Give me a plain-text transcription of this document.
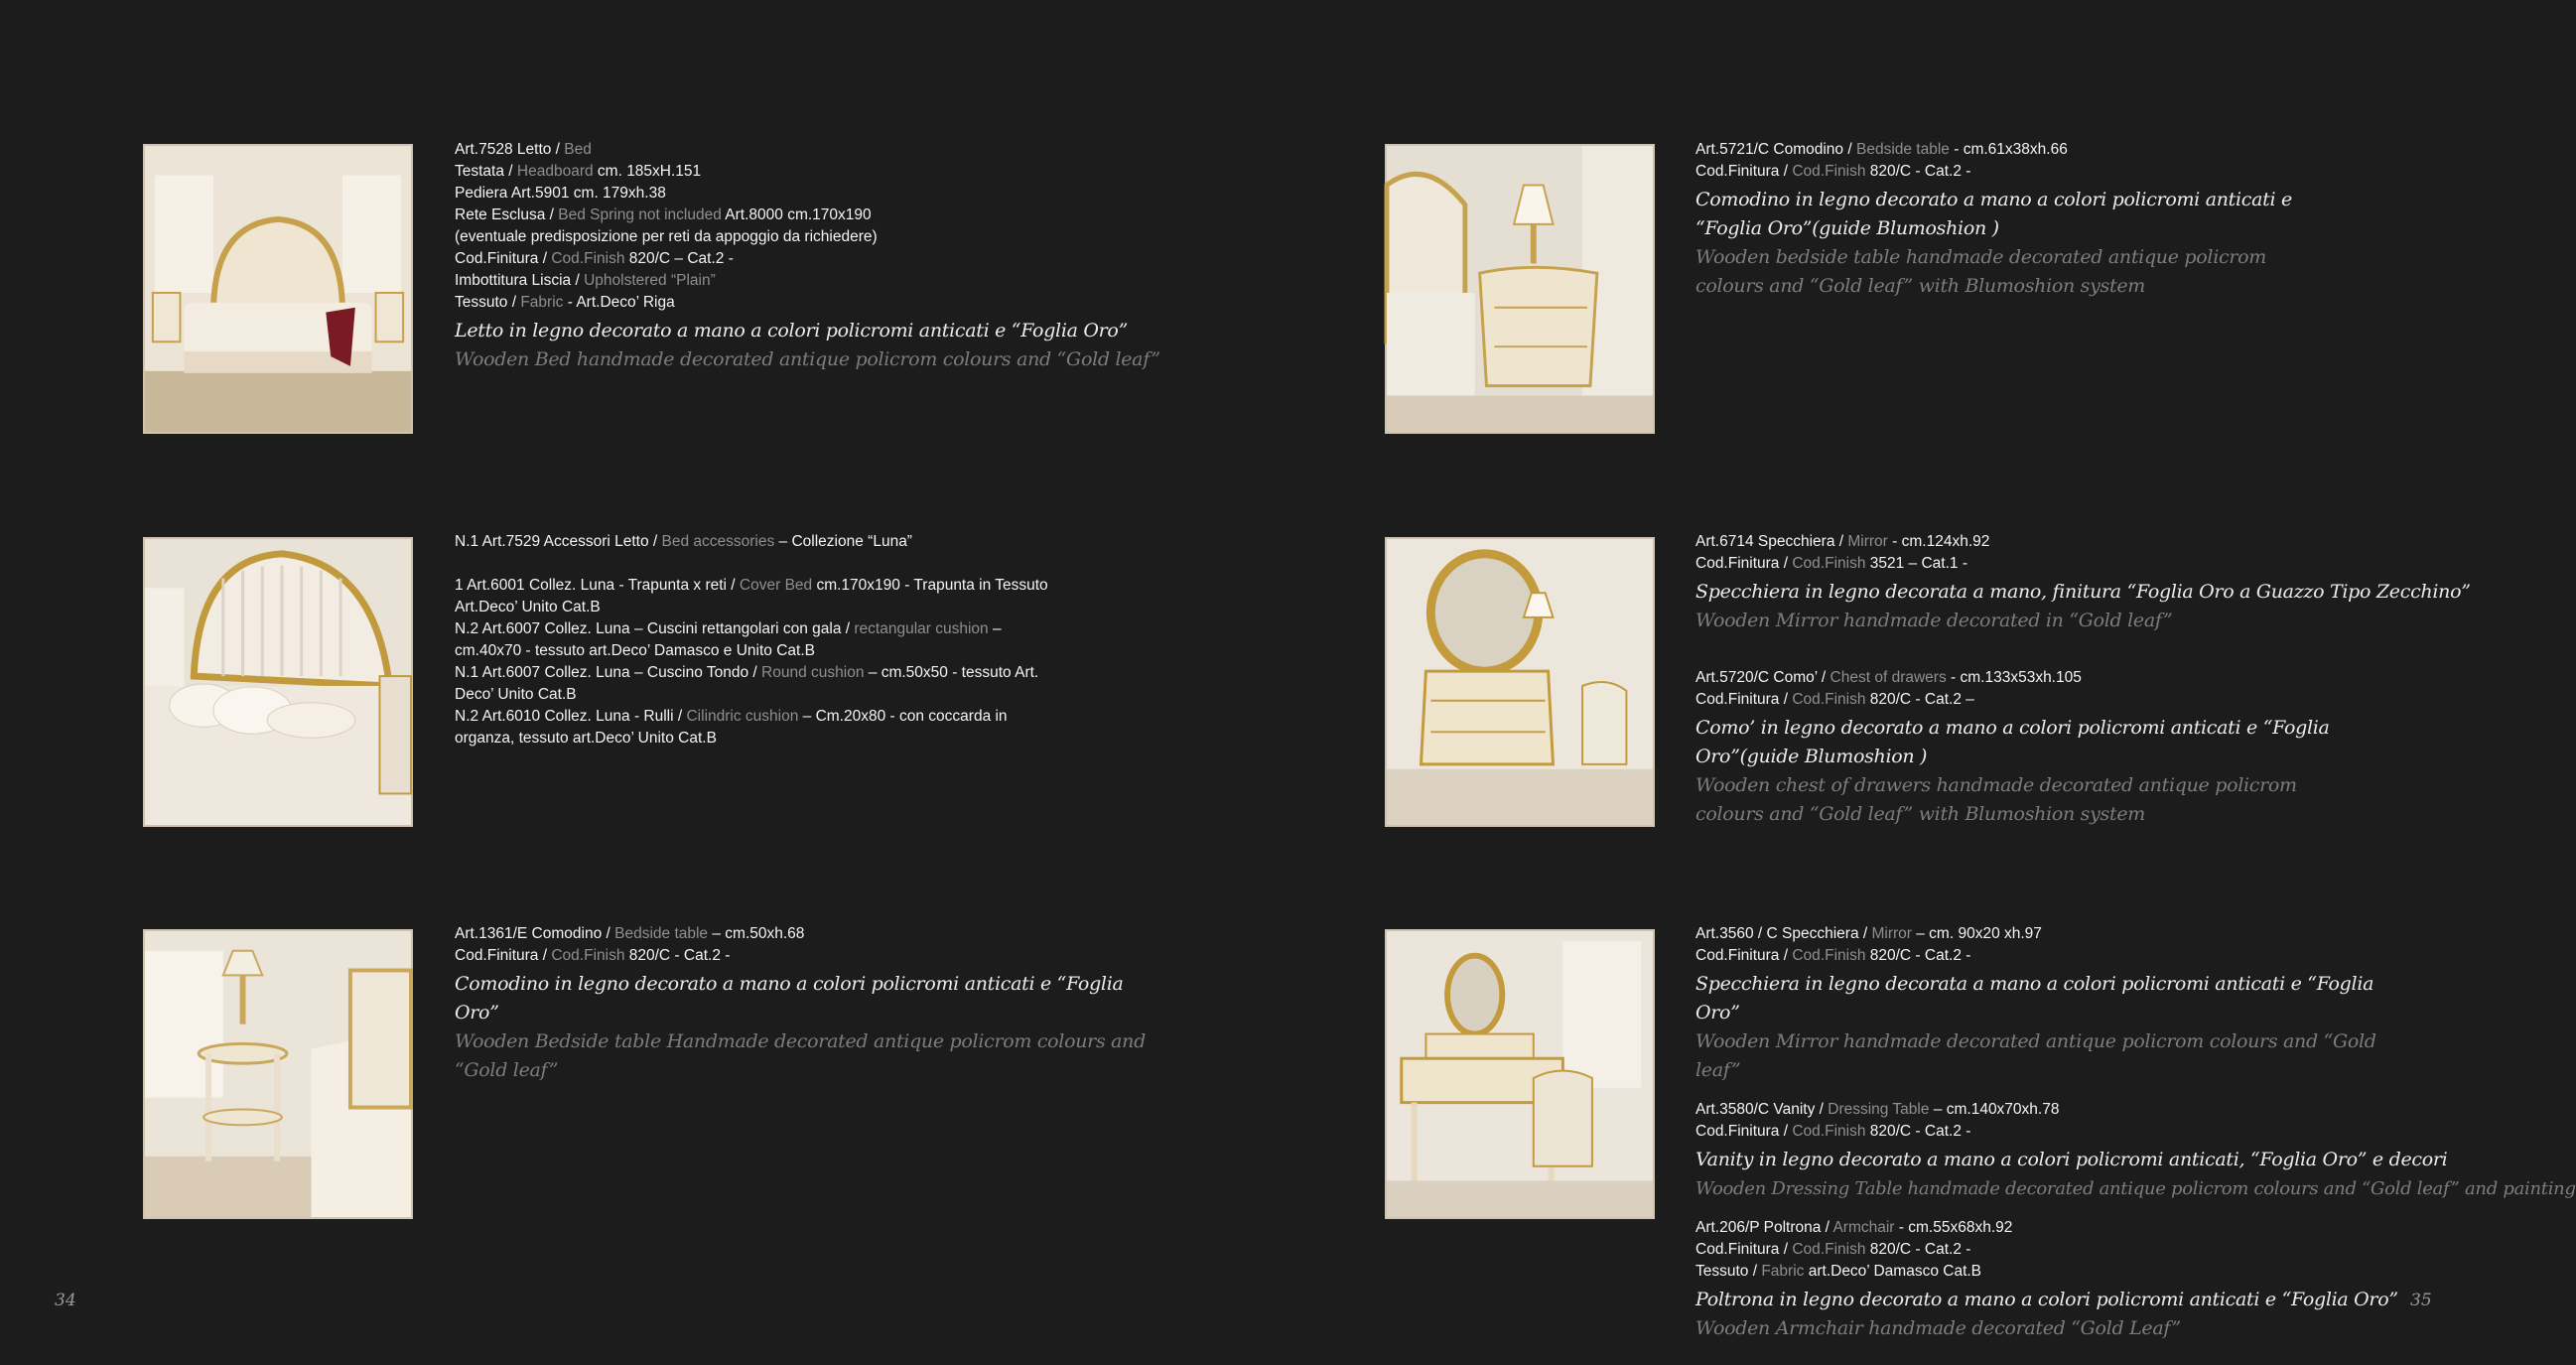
Art.7528 Letto / Bed
Testata / Headboard cm. 185xH.151
Pediera Art.5901 cm. 179xh.38
Rete Esclusa / Bed Spring not included Art.8000 cm.170x190
(eventuale predisposizione per reti da appoggio da richiedere)
Cod.Finitura / Cod.Finish 820/C – Cat.2 -
Imbottitura Liscia / Upholstered “Plain”
Tessuto / Fabric - Art.Deco’ Riga
Letto in legno decorato a mano a colori policromi anticati e “Foglia Oro”
Wooden Bed handmade decorated antique policrom colours and “Gold leaf”
N.1 Art.7529 Accessori Letto / Bed accessories – Collezione “Luna”
1 Art.6001 Collez. Luna - Trapunta x reti / Cover Bed cm.170x190 - Trapunta in Tessuto
Art.Deco’ Unito Cat.B
N.2 Art.6007 Collez. Luna – Cuscini rettangolari con gala / rectangular cushion –
cm.40x70 - tessuto art.Deco’ Damasco e Unito Cat.B
N.1 Art.6007 Collez. Luna – Cuscino Tondo / Round cushion – cm.50x50 - tessuto Art.
Deco’ Unito Cat.B
N.2 Art.6010 Collez. Luna - Rulli / Cilindric cushion – Cm.20x80 - con coccarda in
organza, tessuto art.Deco’ Unito Cat.B
Art.1361/E Comodino / Bedside table – cm.50xh.68
Cod.Finitura / Cod.Finish 820/C - Cat.2 -
Comodino in legno decorato a mano a colori policromi anticati e “Foglia Oro”
Wooden Bedside table Handmade decorated antique policrom colours and “Gold leaf”
Art.5721/C Comodino / Bedside table - cm.61x38xh.66
Cod.Finitura / Cod.Finish 820/C - Cat.2 -
Comodino in legno decorato a mano a colori policromi anticati e “Foglia Oro”(guide Blumoshion )
Wooden bedside table handmade decorated antique policrom colours and “Gold leaf” with Blumoshion system
Art.6714 Specchiera / Mirror - cm.124xh.92
Cod.Finitura / Cod.Finish 3521 – Cat.1 -
Specchiera in legno decorata a mano, finitura “Foglia Oro a Guazzo Tipo Zecchino”
Wooden Mirror handmade decorated in “Gold leaf”
Art.5720/C Como’ / Chest of drawers - cm.133x53xh.105
Cod.Finitura / Cod.Finish 820/C - Cat.2 –
Como’ in legno decorato a mano a colori policromi anticati e “Foglia Oro”(guide Blumoshion )
Wooden chest of drawers handmade decorated antique policrom colours and “Gold leaf” with Blumoshion system
Art.3560 / C Specchiera / Mirror – cm. 90x20 xh.97
Cod.Finitura / Cod.Finish 820/C - Cat.2 -
Specchiera in legno decorata a mano a colori policromi anticati e “Foglia Oro”
Wooden Mirror handmade decorated antique policrom colours and “Gold leaf”
Art.3580/C Vanity / Dressing Table – cm.140x70xh.78
Cod.Finitura / Cod.Finish 820/C - Cat.2 -
Vanity in legno decorato a mano a colori policromi anticati, “Foglia Oro” e decori
Wooden Dressing Table handmade decorated antique policrom colours and “Gold leaf” and painting
Art.206/P Poltrona / Armchair - cm.55x68xh.92
Cod.Finitura / Cod.Finish 820/C - Cat.2 -
Tessuto / Fabric art.Deco’ Damasco Cat.B
Poltrona in legno decorato a mano a colori policromi anticati e “Foglia Oro”
Wooden Armchair handmade decorated “Gold Leaf”
34	35
